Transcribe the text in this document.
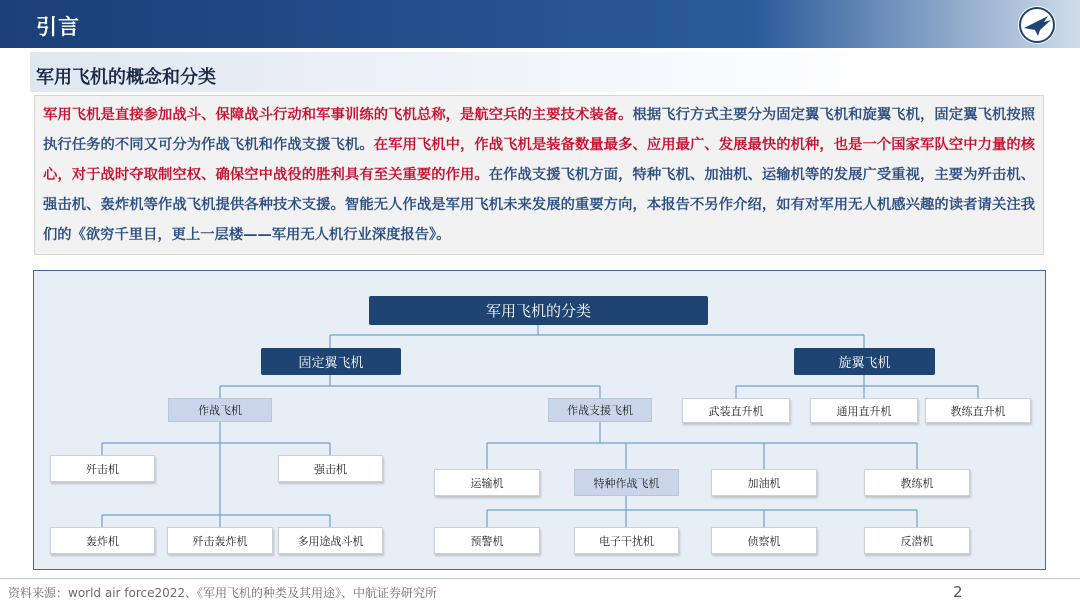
引言
军用飞机的概念和分类

军用飞机是直接参加战斗、保障战斗行动和军事训练的飞机总称，是航空兵的主要技术装备。根据飞行方式主要分为固定翼飞机和旋翼飞机，固定翼飞机按照执行任务的不同又可分为作战飞机和作战支援飞机。在军用飞机中，作战飞机是装备数量最多、应用最广、发展最快的机种，也是一个国家军队空中力量的核心，对于战时夺取制空权、确保空中战役的胜利具有至关重要的作用。在作战支援飞机方面，特种飞机、加油机、运输机等的发展广受重视，主要为歼击机、强击机、轰炸机等作战飞机提供各种技术支援。智能无人作战是军用飞机未来发展的重要方向，本报告不另作介绍，如有对军用无人机感兴趣的读者请关注我们的《欲穷千里目，更上一层楼——军用无人机行业深度报告》。

军用飞机的分类
固定翼飞机	旋翼飞机
作战飞机	作战支援飞机	武装直升机	通用直升机	教练直升机
歼击机	强击机
轰炸机	歼击轰炸机	多用途战斗机
运输机	特种作战飞机	加油机	教练机
预警机	电子干扰机	侦察机	反潜机
资料来源：world air force2022、《军用飞机的种类及其用途》、中航证券研究所	2
